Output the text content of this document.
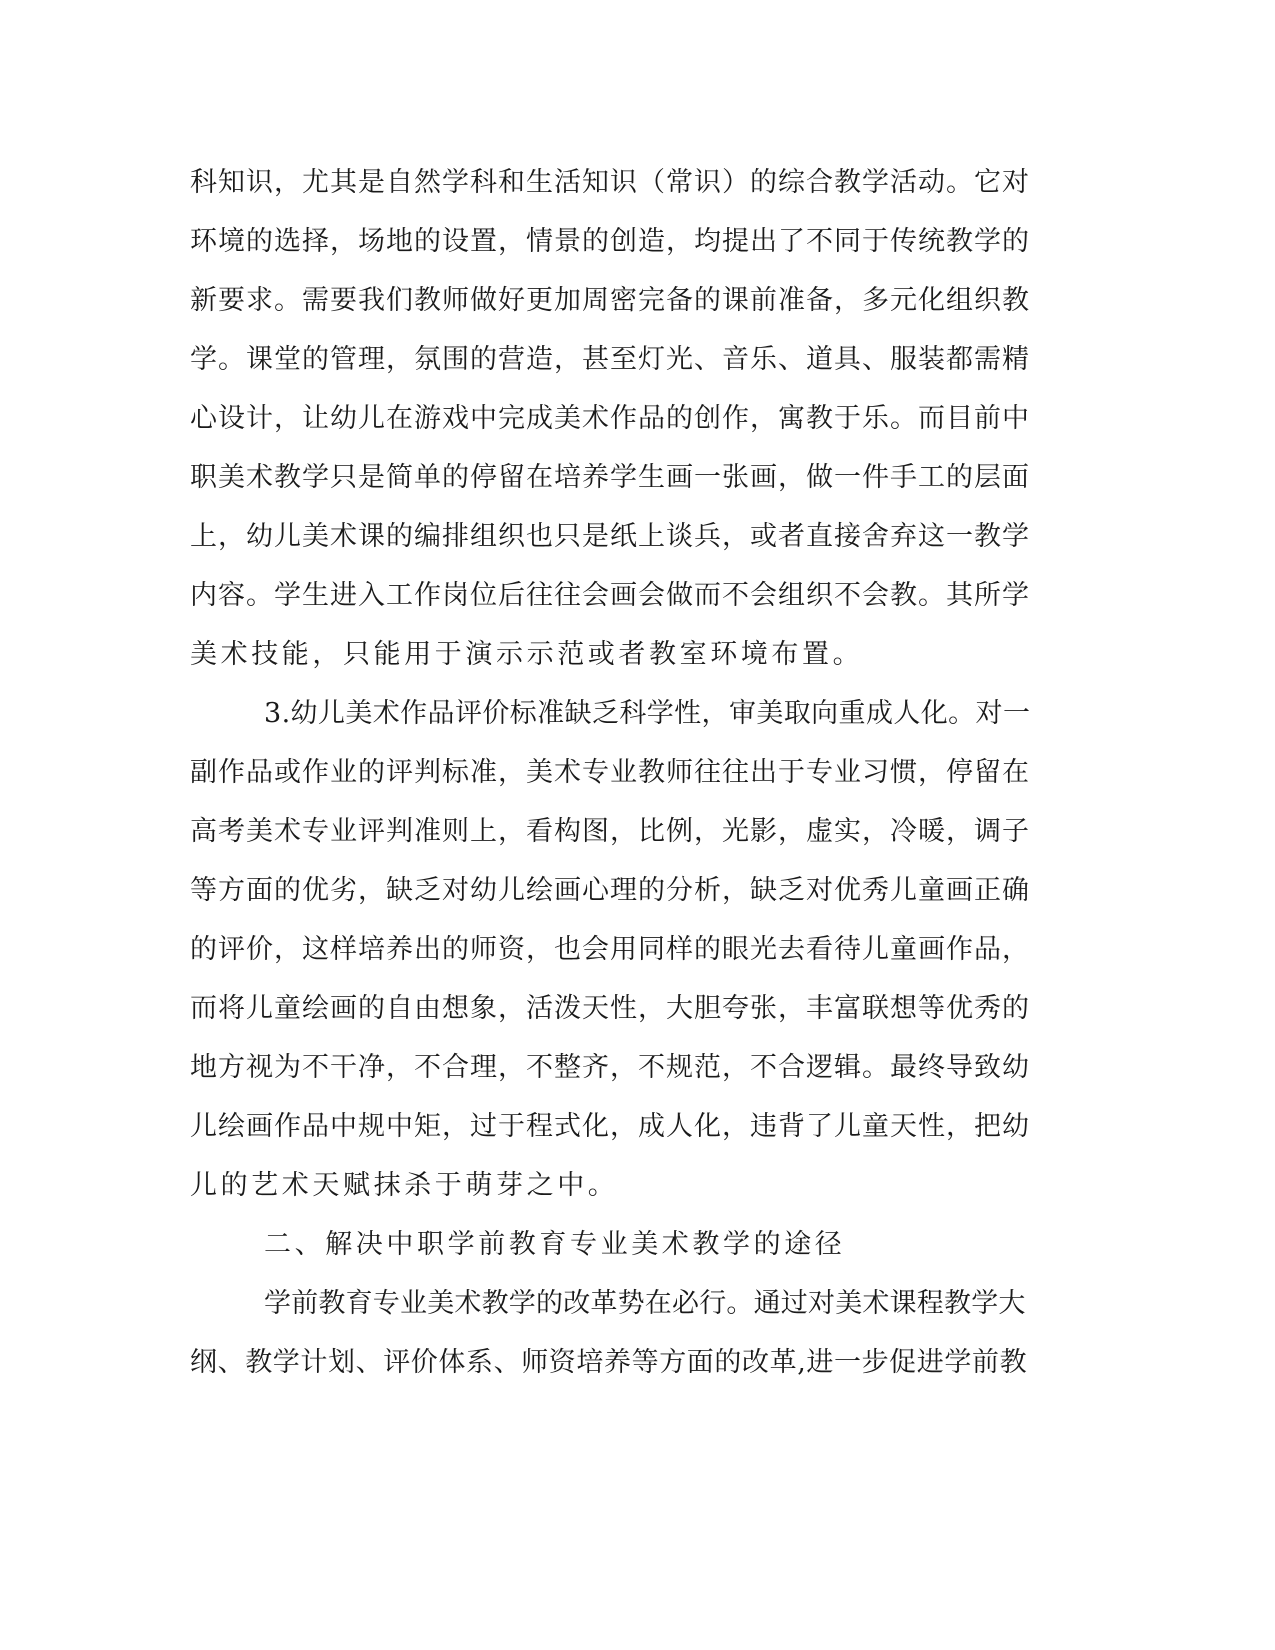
科知识，尤其是自然学科和生活知识（常识）的综合教学活动。它对
环境的选择，场地的设置，情景的创造，均提出了不同于传统教学的
新要求。需要我们教师做好更加周密完备的课前准备，多元化组织教
学。课堂的管理，氛围的营造，甚至灯光、音乐、道具、服装都需精
心设计，让幼儿在游戏中完成美术作品的创作，寓教于乐。而目前中
职美术教学只是简单的停留在培养学生画一张画，做一件手工的层面
上，幼儿美术课的编排组织也只是纸上谈兵，或者直接舍弃这一教学
内容。学生进入工作岗位后往往会画会做而不会组织不会教。其所学
美术技能，只能用于演示示范或者教室环境布置。
3.幼儿美术作品评价标准缺乏科学性，审美取向重成人化。对一
副作品或作业的评判标准，美术专业教师往往出于专业习惯，停留在
高考美术专业评判准则上，看构图，比例，光影，虚实，冷暖，调子
等方面的优劣，缺乏对幼儿绘画心理的分析，缺乏对优秀儿童画正确
的评价，这样培养出的师资，也会用同样的眼光去看待儿童画作品，
而将儿童绘画的自由想象，活泼天性，大胆夸张，丰富联想等优秀的
地方视为不干净，不合理，不整齐，不规范，不合逻辑。最终导致幼
儿绘画作品中规中矩，过于程式化，成人化，违背了儿童天性，把幼
儿的艺术天赋抹杀于萌芽之中。
二、解决中职学前教育专业美术教学的途径
学前教育专业美术教学的改革势在必行。通过对美术课程教学大
纲、教学计划、评价体系、师资培养等方面的改革,进一步促进学前教
